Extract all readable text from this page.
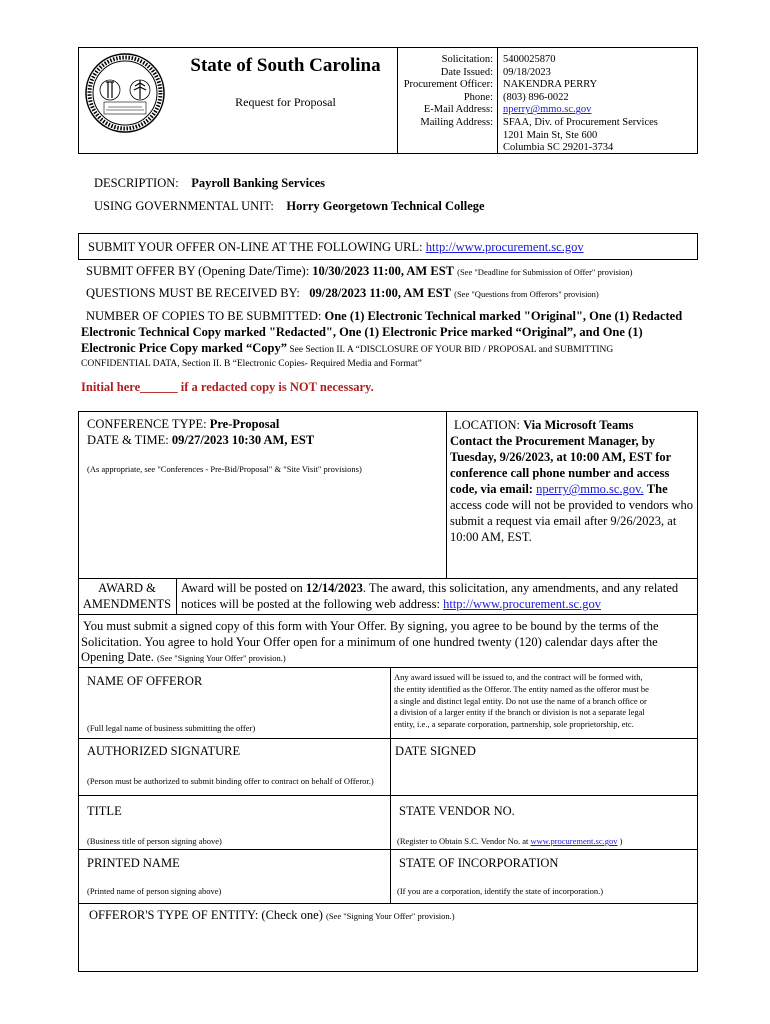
State of South Carolina
Request for Proposal
Solicitation:
Date Issued:
Procurement Officer:
Phone:
E-Mail Address:
Mailing Address:
5400025870
09/18/2023
NAKENDRA PERRY
(803) 896-0022
nperry@mmo.sc.gov
SFAA, Div. of Procurement Services
1201 Main St, Ste 600
Columbia SC 29201-3734
DESCRIPTION: Payroll Banking Services
USING GOVERNMENTAL UNIT: Horry Georgetown Technical College
SUBMIT YOUR OFFER ON-LINE AT THE FOLLOWING URL: http://www.procurement.sc.gov
SUBMIT OFFER BY (Opening Date/Time): 10/30/2023 11:00, AM EST (See "Deadline for Submission of Offer" provision)
QUESTIONS MUST BE RECEIVED BY: 09/28/2023 11:00, AM EST (See "Questions from Offerors" provision)
NUMBER OF COPIES TO BE SUBMITTED: One (1) Electronic Technical marked "Original", One (1) Redacted
Electronic Technical Copy marked "Redacted", One (1) Electronic Price marked “Original”, and One (1)
Electronic Price Copy marked “Copy” See Section II. A “DISCLOSURE OF YOUR BID / PROPOSAL and SUBMITTING
CONFIDENTIAL DATA, Section II. B “Electronic Copies- Required Media and Format”
Initial here______ if a redacted copy is NOT necessary.
CONFERENCE TYPE: Pre-Proposal
DATE & TIME: 09/27/2023 10:30 AM, EST
(As appropriate, see "Conferences - Pre-Bid/Proposal" & "Site Visit" provisions)
LOCATION: Via Microsoft Teams
Contact the Procurement Manager, by
Tuesday, 9/26/2023, at 10:00 AM, EST for
conference call phone number and access
code, via email: nperry@mmo.sc.gov. The
access code will not be provided to vendors who
submit a request via email after 9/26/2023, at
10:00 AM, EST.
AWARD &
AMENDMENTS
Award will be posted on 12/14/2023. The award, this solicitation, any amendments, and any related
notices will be posted at the following web address: http://www.procurement.sc.gov
You must submit a signed copy of this form with Your Offer. By signing, you agree to be bound by the terms of the
Solicitation. You agree to hold Your Offer open for a minimum of one hundred twenty (120) calendar days after the
Opening Date. (See "Signing Your Offer" provision.)
NAME OF OFFEROR
(Full legal name of business submitting the offer)
Any award issued will be issued to, and the contract will be formed with,
the entity identified as the Offeror. The entity named as the offeror must be
a single and distinct legal entity. Do not use the name of a branch office or
a division of a larger entity if the branch or division is not a separate legal
entity, i.e., a separate corporation, partnership, sole proprietorship, etc.
AUTHORIZED SIGNATURE	DATE SIGNED
(Person must be authorized to submit binding offer to contract on behalf of Offeror.)
TITLE
(Business title of person signing above)
STATE VENDOR NO.
(Register to Obtain S.C. Vendor No. at www.procurement.sc.gov )
PRINTED NAME
(Printed name of person signing above)
STATE OF INCORPORATION
(If you are a corporation, identify the state of incorporation.)
OFFEROR'S TYPE OF ENTITY: (Check one) (See "Signing Your Offer" provision.)
